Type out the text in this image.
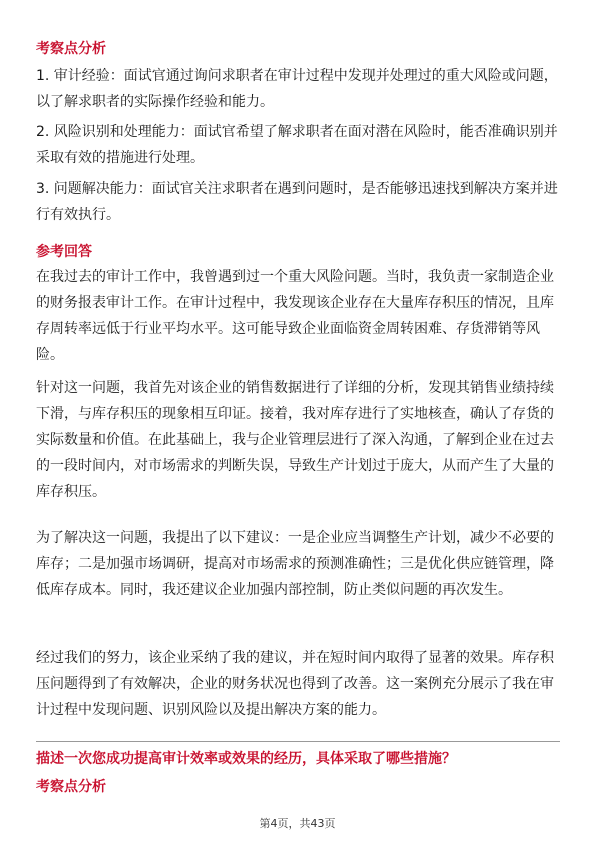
考察点分析
1. 审计经验：面试官通过询问求职者在审计过程中发现并处理过的重大风险或问题，以了解求职者的实际操作经验和能力。
2. 风险识别和处理能力：面试官希望了解求职者在面对潜在风险时，能否准确识别并采取有效的措施进行处理。
3. 问题解决能力：面试官关注求职者在遇到问题时，是否能够迅速找到解决方案并进行有效执行。
参考回答
在我过去的审计工作中，我曾遇到过一个重大风险问题。当时，我负责一家制造企业的财务报表审计工作。在审计过程中，我发现该企业存在大量库存积压的情况，且库存周转率远低于行业平均水平。这可能导致企业面临资金周转困难、存货滞销等风险。
针对这一问题，我首先对该企业的销售数据进行了详细的分析，发现其销售业绩持续下滑，与库存积压的现象相互印证。接着，我对库存进行了实地核查，确认了存货的实际数量和价值。在此基础上，我与企业管理层进行了深入沟通，了解到企业在过去的一段时间内，对市场需求的判断失误，导致生产计划过于庞大，从而产生了大量的库存积压。
为了解决这一问题，我提出了以下建议：一是企业应当调整生产计划，减少不必要的库存；二是加强市场调研，提高对市场需求的预测准确性；三是优化供应链管理，降低库存成本。同时，我还建议企业加强内部控制，防止类似问题的再次发生。
经过我们的努力，该企业采纳了我的建议，并在短时间内取得了显著的效果。库存积压问题得到了有效解决，企业的财务状况也得到了改善。这一案例充分展示了我在审计过程中发现问题、识别风险以及提出解决方案的能力。
描述一次您成功提高审计效率或效果的经历，具体采取了哪些措施？
考察点分析
第4页，共43页
